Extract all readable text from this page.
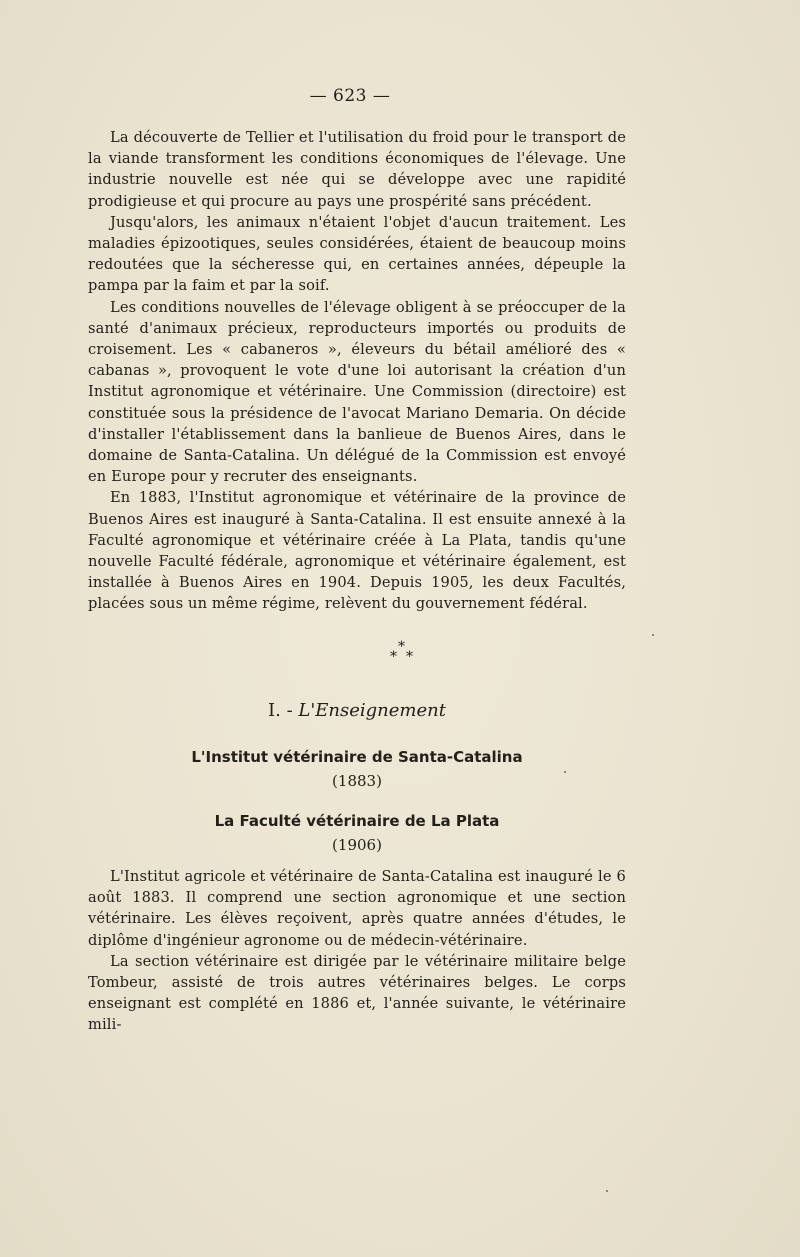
— 623 —

La découverte de Tellier et l'utilisation du froid pour le transport de la viande transforment les conditions économiques de l'élevage. Une industrie nouvelle est née qui se développe avec une rapidité prodigieuse et qui procure au pays une prospérité sans précédent.

Jusqu'alors, les animaux n'étaient l'objet d'aucun traitement. Les maladies épizootiques, seules considérées, étaient de beaucoup moins redoutées que la sécheresse qui, en certaines années, dépeuple la pampa par la faim et par la soif.

Les conditions nouvelles de l'élevage obligent à se préoccuper de la santé d'animaux précieux, reproducteurs importés ou produits de croisement. Les « cabaneros », éleveurs du bétail amélioré des « cabanas », provoquent le vote d'une loi autorisant la création d'un Institut agronomique et vétérinaire. Une Commission (directoire) est constituée sous la présidence de l'avocat Mariano Demaria. On décide d'installer l'établissement dans la banlieue de Buenos Aires, dans le domaine de Santa-Catalina. Un délégué de la Commission est envoyé en Europe pour y recruter des enseignants.

En 1883, l'Institut agronomique et vétérinaire de la province de Buenos Aires est inauguré à Santa-Catalina. Il est ensuite annexé à la Faculté agronomique et vétérinaire créée à La Plata, tandis qu'une nouvelle Faculté fédérale, agronomique et vétérinaire également, est installée à Buenos Aires en 1904. Depuis 1905, les deux Facultés, placées sous un même régime, relèvent du gouvernement fédéral.

*
* *
I. - L'Enseignement
L'Institut vétérinaire de Santa-Catalina
(1883)
La Faculté vétérinaire de La Plata
(1906)

L'Institut agricole et vétérinaire de Santa-Catalina est inauguré le 6 août 1883. Il comprend une section agronomique et une section vétérinaire. Les élèves reçoivent, après quatre années d'études, le diplôme d'ingénieur agronome ou de médecin-vétérinaire.

La section vétérinaire est dirigée par le vétérinaire militaire belge Tombeur, assisté de trois autres vétérinaires belges. Le corps enseignant est complété en 1886 et, l'année suivante, le vétérinaire mili-
